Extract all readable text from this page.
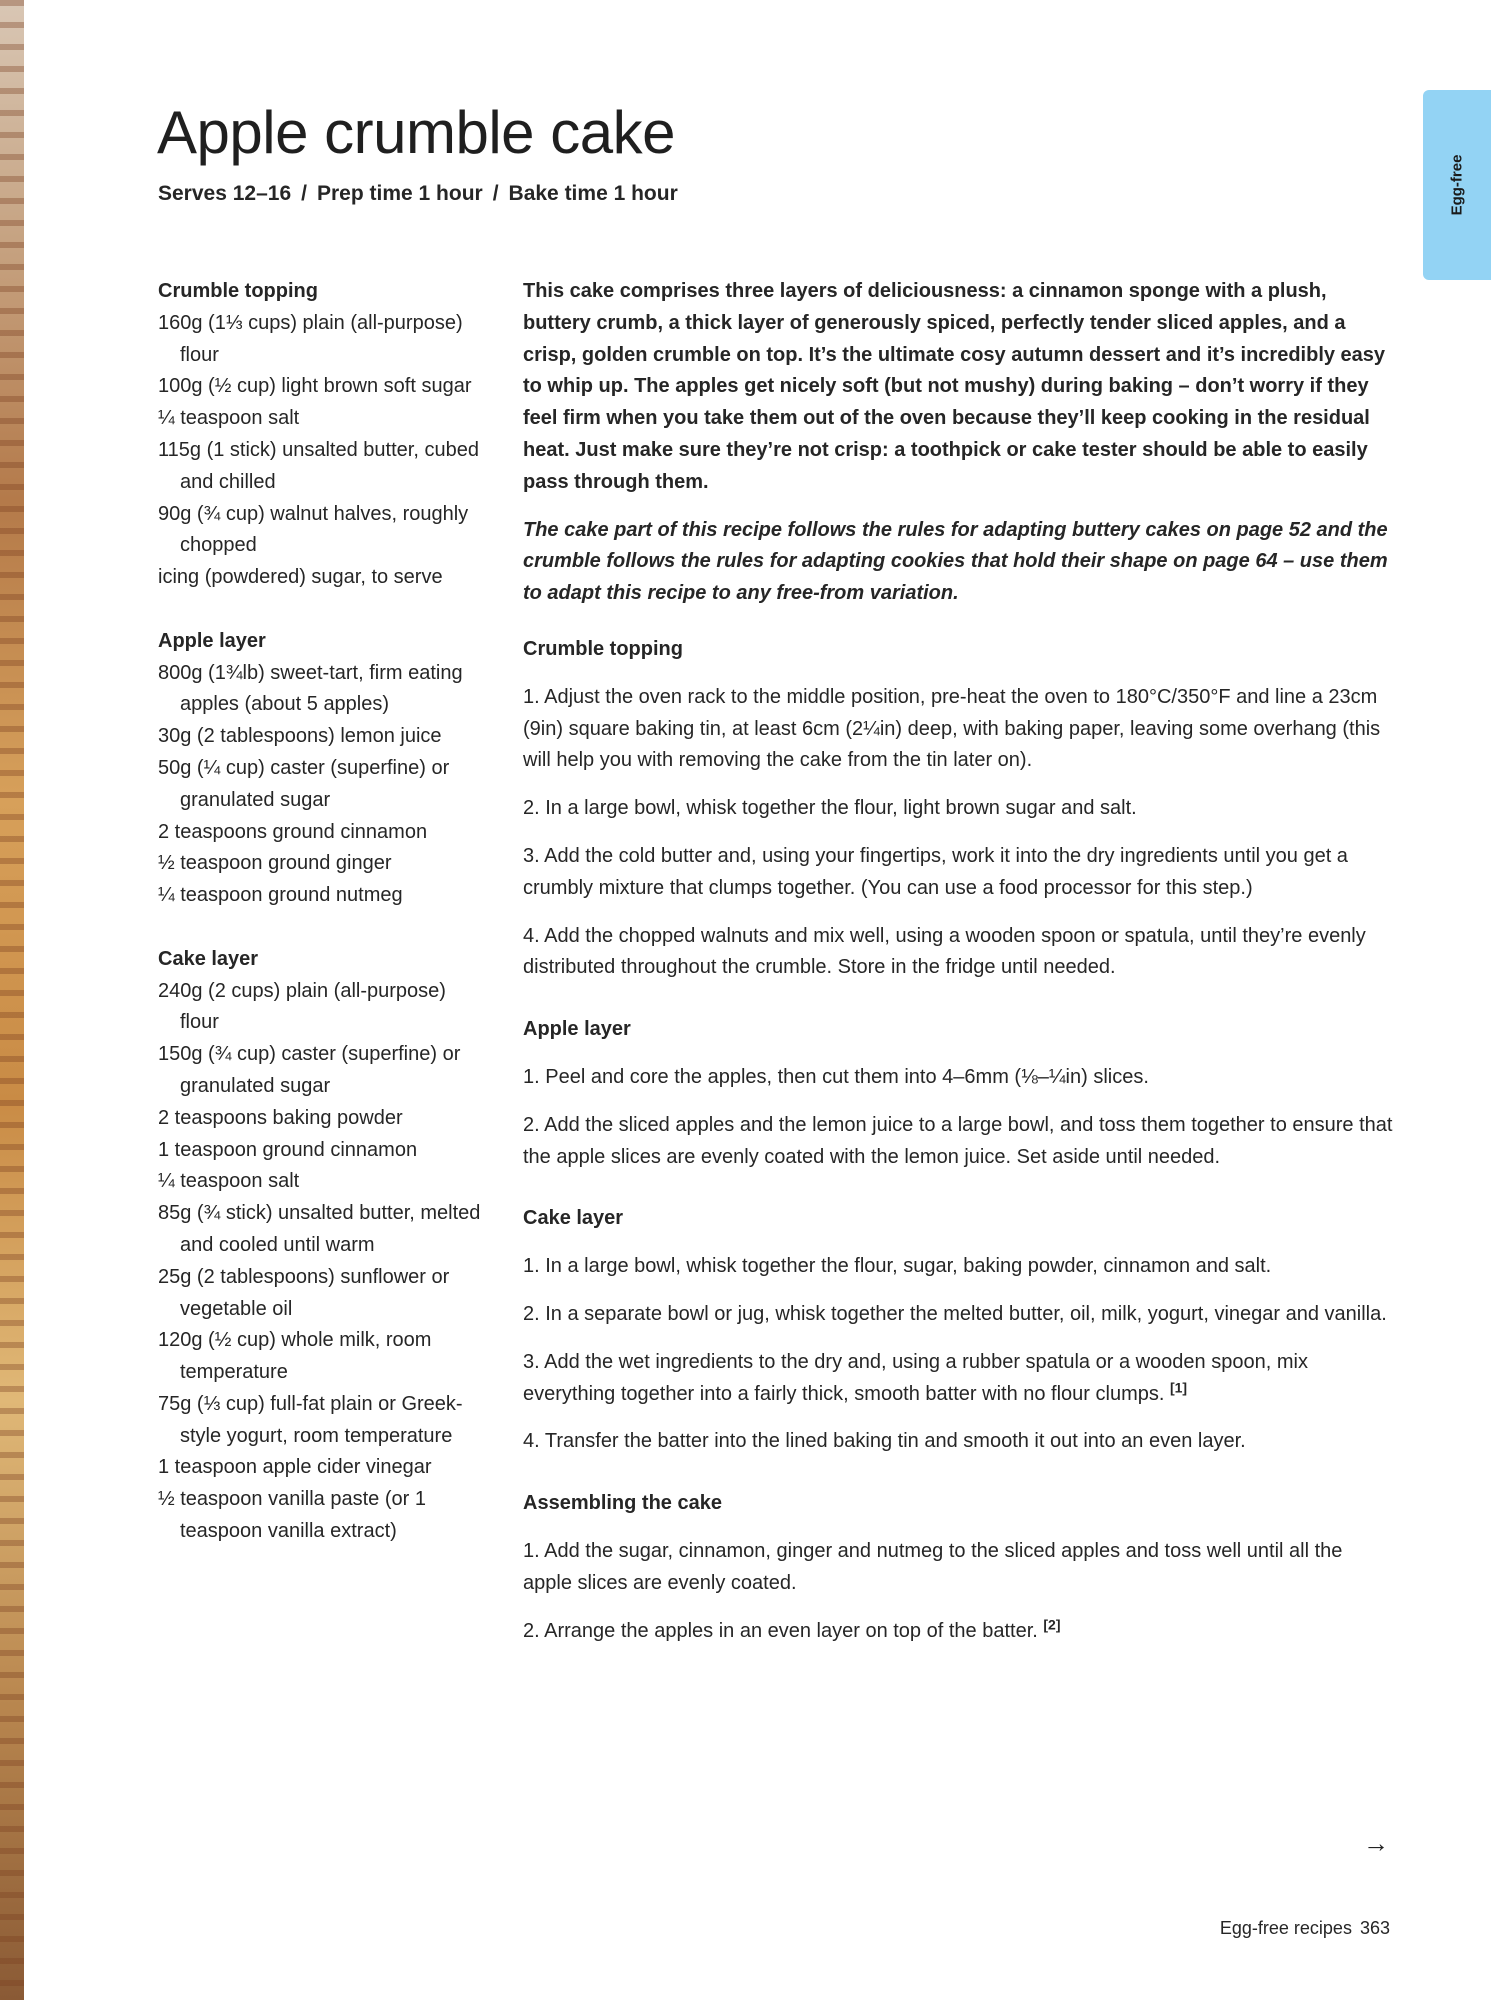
Egg-free
Apple crumble cake
Serves 12–16 / Prep time 1 hour / Bake time 1 hour
Crumble topping
160g (1⅓ cups) plain (all-purpose) flour
100g (½ cup) light brown soft sugar
¼ teaspoon salt
115g (1 stick) unsalted butter, cubed and chilled
90g (¾ cup) walnut halves, roughly chopped
icing (powdered) sugar, to serve
Apple layer
800g (1¾lb) sweet-tart, firm eating apples (about 5 apples)
30g (2 tablespoons) lemon juice
50g (¼ cup) caster (superfine) or granulated sugar
2 teaspoons ground cinnamon
½ teaspoon ground ginger
¼ teaspoon ground nutmeg
Cake layer
240g (2 cups) plain (all-purpose) flour
150g (¾ cup) caster (superfine) or granulated sugar
2 teaspoons baking powder
1 teaspoon ground cinnamon
¼ teaspoon salt
85g (¾ stick) unsalted butter, melted and cooled until warm
25g (2 tablespoons) sunflower or vegetable oil
120g (½ cup) whole milk, room temperature
75g (⅓ cup) full-fat plain or Greek-style yogurt, room temperature
1 teaspoon apple cider vinegar
½ teaspoon vanilla paste (or 1 teaspoon vanilla extract)

This cake comprises three layers of deliciousness: a cinnamon sponge with a plush, buttery crumb, a thick layer of generously spiced, perfectly tender sliced apples, and a crisp, golden crumble on top. It’s the ultimate cosy autumn dessert and it’s incredibly easy to whip up. The apples get nicely soft (but not mushy) during baking – don’t worry if they feel firm when you take them out of the oven because they’ll keep cooking in the residual heat. Just make sure they’re not crisp: a toothpick or cake tester should be able to easily pass through them.

The cake part of this recipe follows the rules for adapting buttery cakes on page 52 and the crumble follows the rules for adapting cookies that hold their shape on page 64 – use them to adapt this recipe to any free-from variation.

Crumble topping

1. Adjust the oven rack to the middle position, pre-heat the oven to 180°C/350°F and line a 23cm (9in) square baking tin, at least 6cm (2¼in) deep, with baking paper, leaving some overhang (this will help you with removing the cake from the tin later on).

2. In a large bowl, whisk together the flour, light brown sugar and salt.

3. Add the cold butter and, using your fingertips, work it into the dry ingredients until you get a crumbly mixture that clumps together. (You can use a food processor for this step.)

4. Add the chopped walnuts and mix well, using a wooden spoon or spatula, until they’re evenly distributed throughout the crumble. Store in the fridge until needed.

Apple layer

1. Peel and core the apples, then cut them into 4–6mm (⅛–¼in) slices.

2. Add the sliced apples and the lemon juice to a large bowl, and toss them together to ensure that the apple slices are evenly coated with the lemon juice. Set aside until needed.

Cake layer

1. In a large bowl, whisk together the flour, sugar, baking powder, cinnamon and salt.

2. In a separate bowl or jug, whisk together the melted butter, oil, milk, yogurt, vinegar and vanilla.

3. Add the wet ingredients to the dry and, using a rubber spatula or a wooden spoon, mix everything together into a fairly thick, smooth batter with no flour clumps. [1]

4. Transfer the batter into the lined baking tin and smooth it out into an even layer.

Assembling the cake

1. Add the sugar, cinnamon, ginger and nutmeg to the sliced apples and toss well until all the apple slices are evenly coated.

2. Arrange the apples in an even layer on top of the batter. [2]

→
Egg-free recipes 363
